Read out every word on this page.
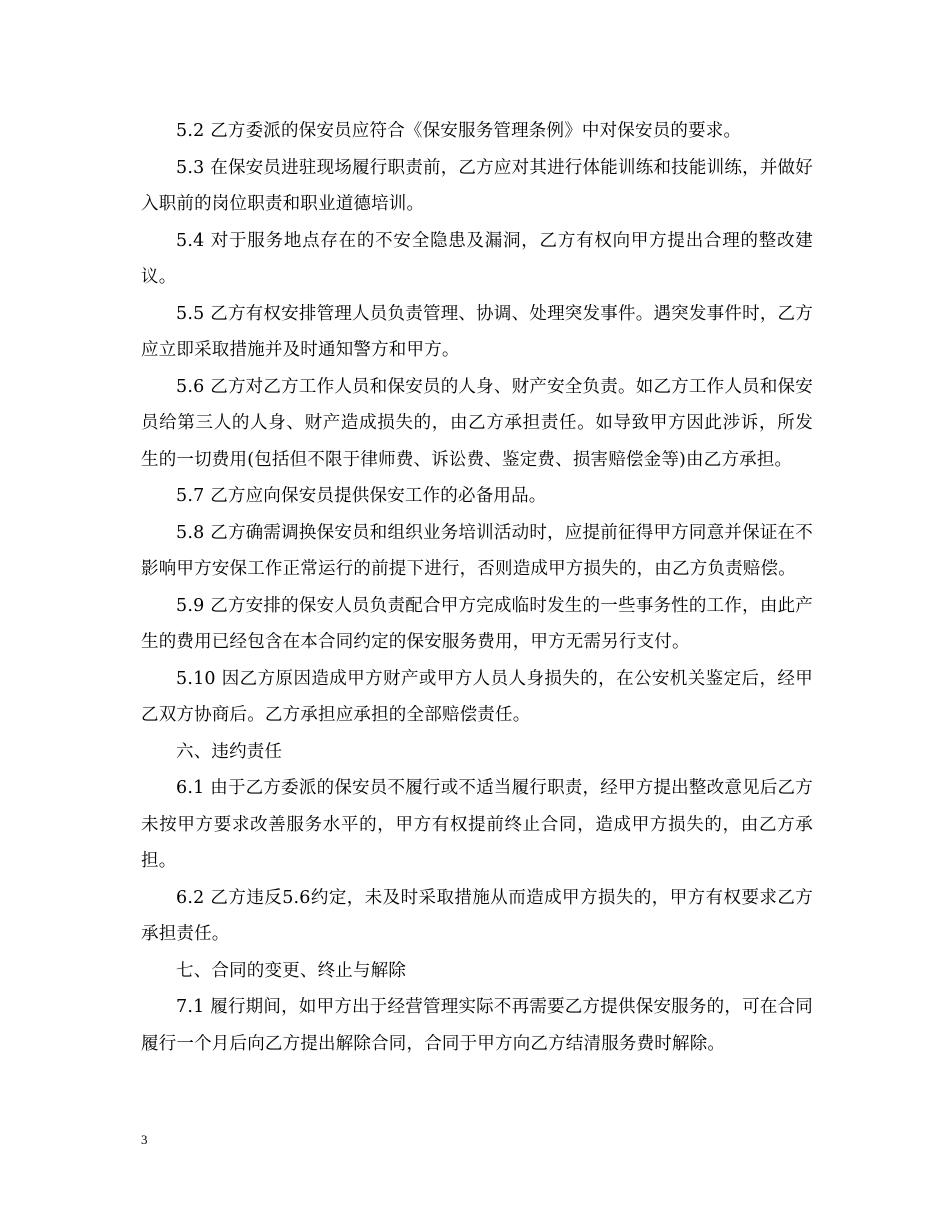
5.2 乙方委派的保安员应符合《保安服务管理条例》中对保安员的要求。

5.3 在保安员进驻现场履行职责前，乙方应对其进行体能训练和技能训练，并做好入职前的岗位职责和职业道德培训。

5.4 对于服务地点存在的不安全隐患及漏洞，乙方有权向甲方提出合理的整改建议。

5.5 乙方有权安排管理人员负责管理、协调、处理突发事件。遇突发事件时，乙方应立即采取措施并及时通知警方和甲方。

5.6 乙方对乙方工作人员和保安员的人身、财产安全负责。如乙方工作人员和保安员给第三人的人身、财产造成损失的，由乙方承担责任。如导致甲方因此涉诉，所发生的一切费用(包括但不限于律师费、诉讼费、鉴定费、损害赔偿金等)由乙方承担。

5.7 乙方应向保安员提供保安工作的必备用品。

5.8 乙方确需调换保安员和组织业务培训活动时，应提前征得甲方同意并保证在不影响甲方安保工作正常运行的前提下进行，否则造成甲方损失的，由乙方负责赔偿。

5.9 乙方安排的保安人员负责配合甲方完成临时发生的一些事务性的工作，由此产生的费用已经包含在本合同约定的保安服务费用，甲方无需另行支付。

5.10 因乙方原因造成甲方财产或甲方人员人身损失的，在公安机关鉴定后，经甲乙双方协商后。乙方承担应承担的全部赔偿责任。

六、违约责任

6.1 由于乙方委派的保安员不履行或不适当履行职责，经甲方提出整改意见后乙方未按甲方要求改善服务水平的，甲方有权提前终止合同，造成甲方损失的，由乙方承担。

6.2 乙方违反5.6约定，未及时采取措施从而造成甲方损失的，甲方有权要求乙方承担责任。

七、合同的变更、终止与解除

7.1 履行期间，如甲方出于经营管理实际不再需要乙方提供保安服务的，可在合同履行一个月后向乙方提出解除合同，合同于甲方向乙方结清服务费时解除。

3
